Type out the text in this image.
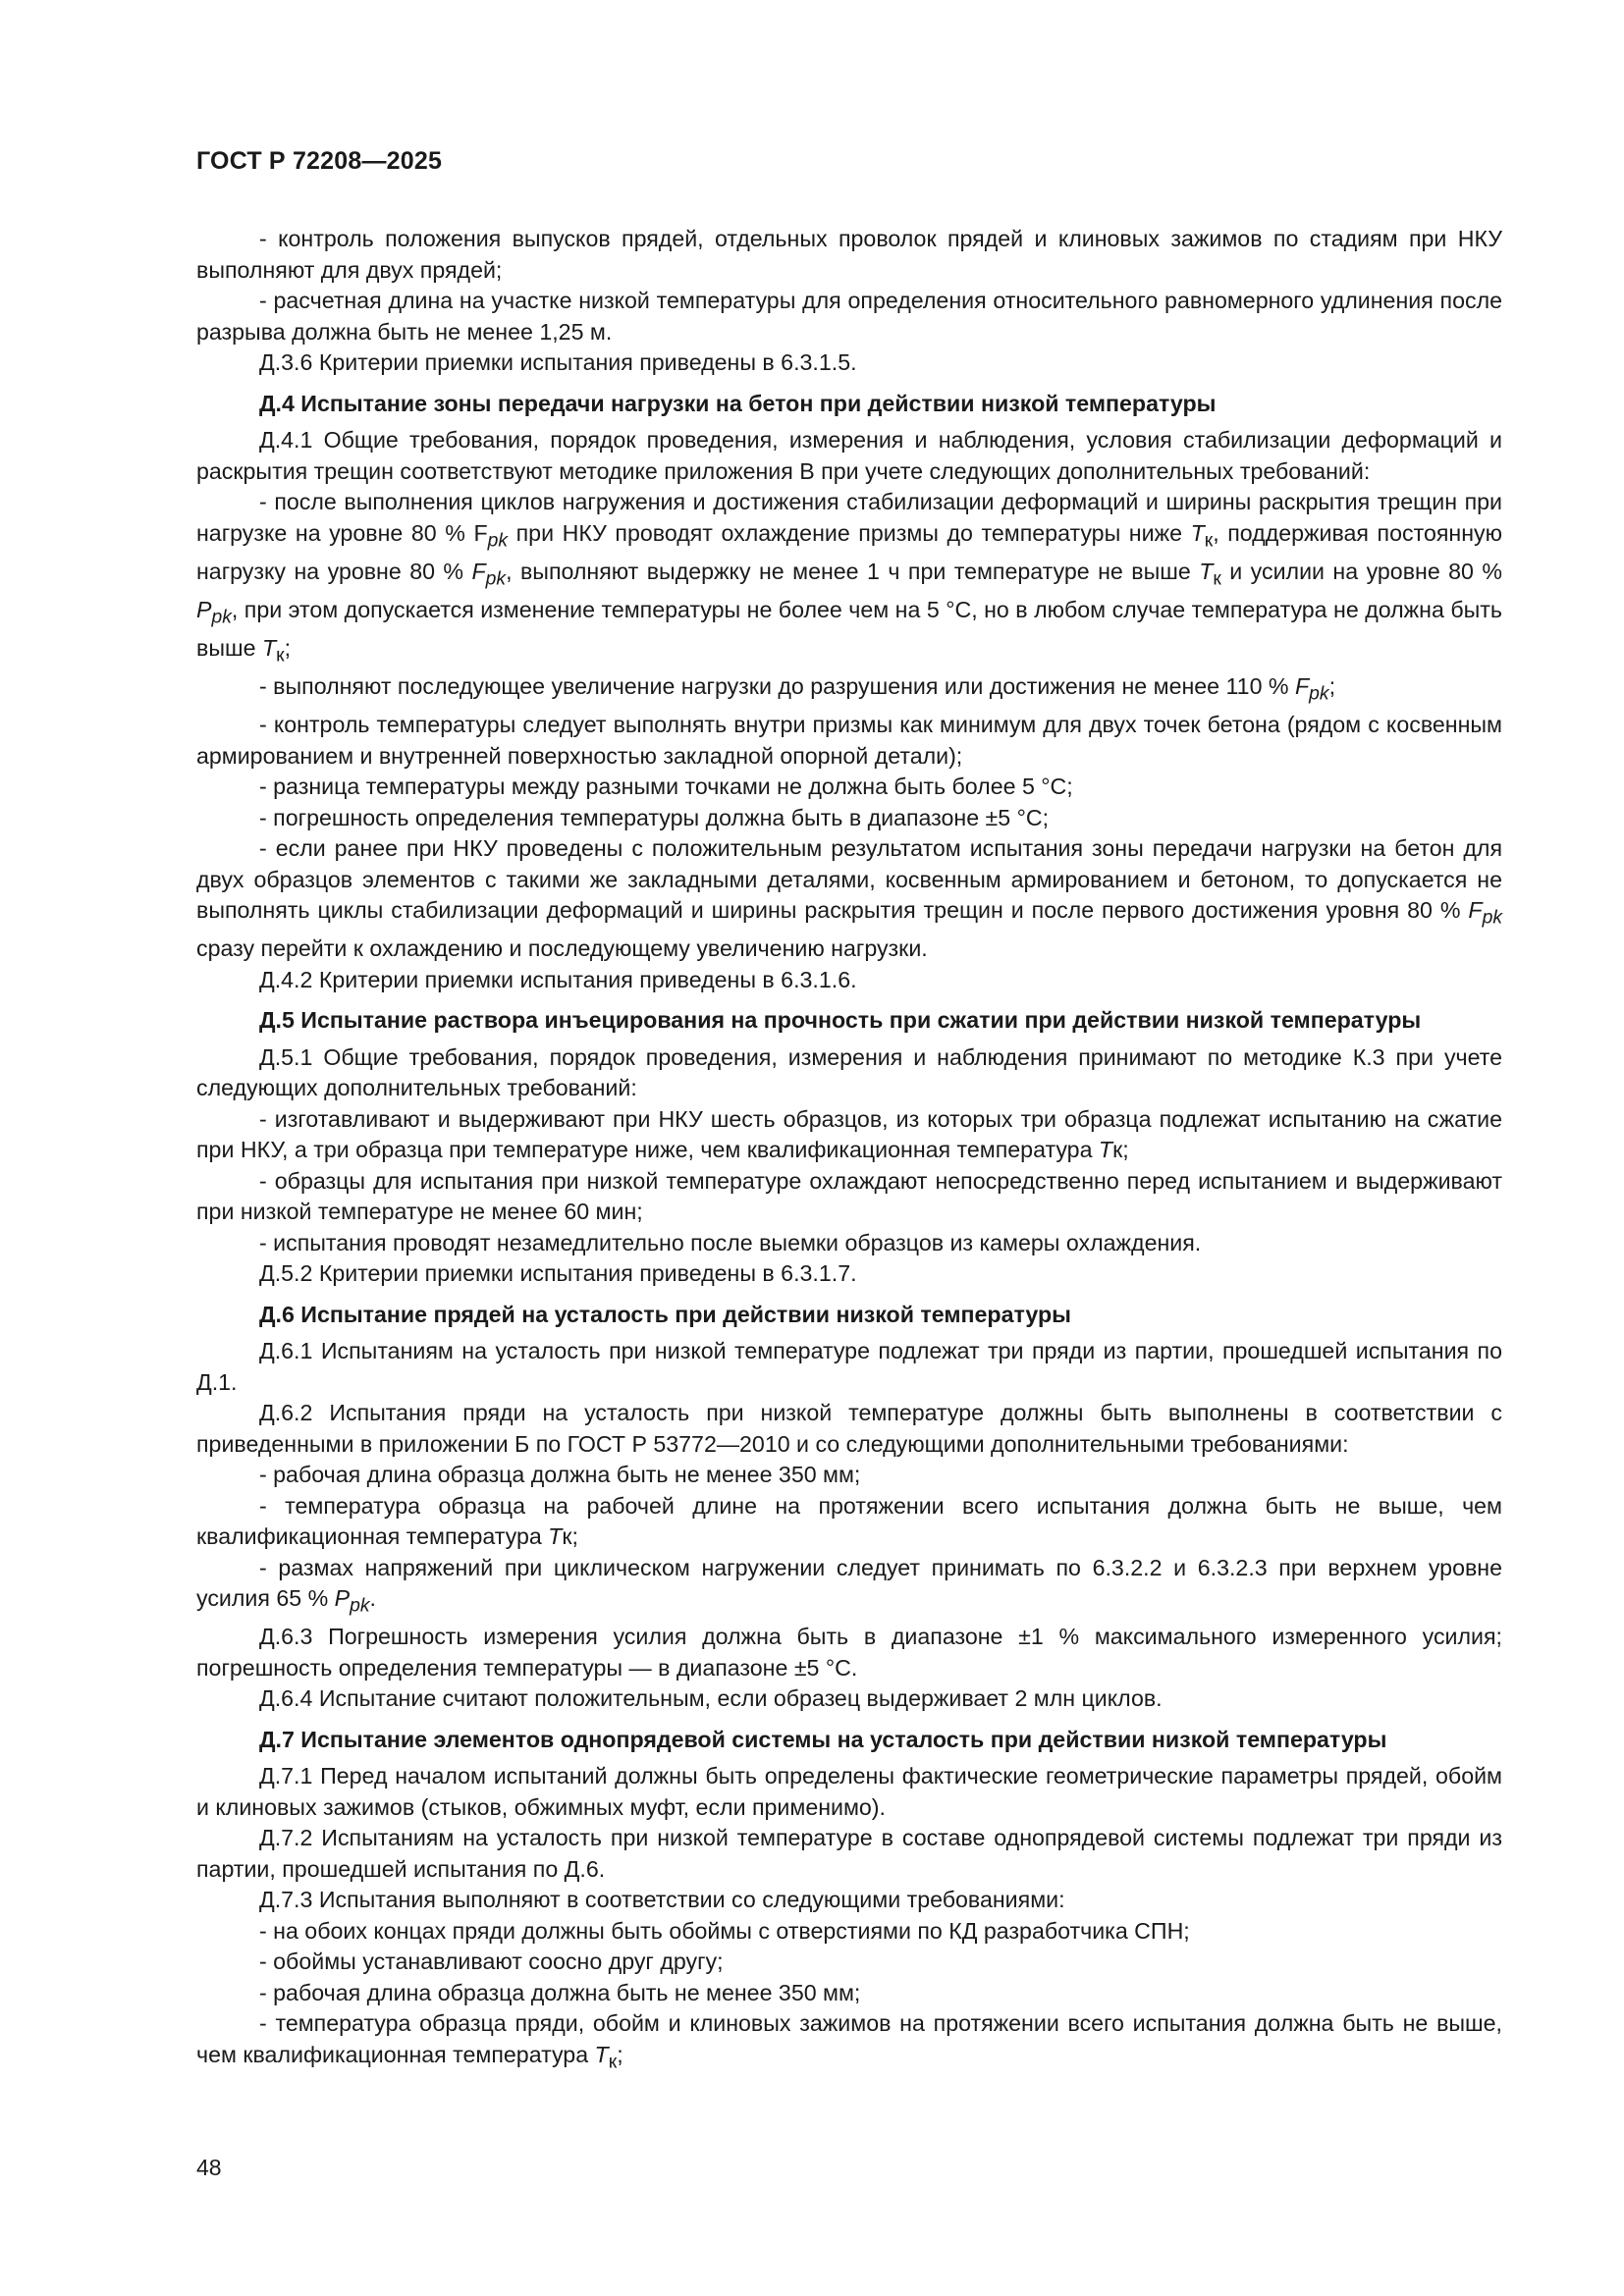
ГОСТ Р 72208—2025

- контроль положения выпусков прядей, отдельных проволок прядей и клиновых зажимов по стадиям при НКУ выполняют для двух прядей;

- расчетная длина на участке низкой температуры для определения относительного равномерного удлинения после разрыва должна быть не менее 1,25 м.

Д.3.6 Критерии приемки испытания приведены в 6.3.1.5.

Д.4 Испытание зоны передачи нагрузки на бетон при действии низкой температуры

Д.4.1 Общие требования, порядок проведения, измерения и наблюдения, условия стабилизации деформаций и раскрытия трещин соответствуют методике приложения В при учете следующих дополнительных требований:

- после выполнения циклов нагружения и достижения стабилизации деформаций и ширины раскрытия трещин при нагрузке на уровне 80 % $F_{pk}$ при НКУ проводят охлаждение призмы до температуры ниже $T_к$, поддерживая постоянную нагрузку на уровне 80 % $F_{pk}$, выполняют выдержку не менее 1 ч при температуре не выше $T_к$ и усилии на уровне 80 % $P_{pk}$, при этом допускается изменение температуры не более чем на 5 °С, но в любом случае температура не должна быть выше $T_к$;

- выполняют последующее увеличение нагрузки до разрушения или достижения не менее 110 % $F_{pk}$;

- контроль температуры следует выполнять внутри призмы как минимум для двух точек бетона (рядом с косвенным армированием и внутренней поверхностью закладной опорной детали);

- разница температуры между разными точками не должна быть более 5 °С;

- погрешность определения температуры должна быть в диапазоне ±5 °С;

- если ранее при НКУ проведены с положительным результатом испытания зоны передачи нагрузки на бетон для двух образцов элементов с такими же закладными деталями, косвенным армированием и бетоном, то допускается не выполнять циклы стабилизации деформаций и ширины раскрытия трещин и после первого достижения уровня 80 % $F_{pk}$ сразу перейти к охлаждению и последующему увеличению нагрузки.

Д.4.2 Критерии приемки испытания приведены в 6.3.1.6.

Д.5 Испытание раствора инъецирования на прочность при сжатии при действии низкой температуры

Д.5.1 Общие требования, порядок проведения, измерения и наблюдения принимают по методике К.3 при учете следующих дополнительных требований:

- изготавливают и выдерживают при НКУ шесть образцов, из которых три образца подлежат испытанию на сжатие при НКУ, а три образца при температуре ниже, чем квалификационная температура Tк;

- образцы для испытания при низкой температуре охлаждают непосредственно перед испытанием и выдерживают при низкой температуре не менее 60 мин;

- испытания проводят незамедлительно после выемки образцов из камеры охлаждения.

Д.5.2 Критерии приемки испытания приведены в 6.3.1.7.

Д.6 Испытание прядей на усталость при действии низкой температуры

Д.6.1 Испытаниям на усталость при низкой температуре подлежат три пряди из партии, прошедшей испытания по Д.1.

Д.6.2 Испытания пряди на усталость при низкой температуре должны быть выполнены в соответствии с приведенными в приложении Б по ГОСТ Р 53772—2010 и со следующими дополнительными требованиями:

- рабочая длина образца должна быть не менее 350 мм;

- температура образца на рабочей длине на протяжении всего испытания должна быть не выше, чем квалификационная температура Tк;

- размах напряжений при циклическом нагружении следует принимать по 6.3.2.2 и 6.3.2.3 при верхнем уровне усилия 65 % $P_{pk}$.

Д.6.3 Погрешность измерения усилия должна быть в диапазоне ±1 % максимального измеренного усилия; погрешность определения температуры — в диапазоне ±5 °С.

Д.6.4 Испытание считают положительным, если образец выдерживает 2 млн циклов.

Д.7 Испытание элементов однопрядевой системы на усталость при действии низкой температуры

Д.7.1 Перед началом испытаний должны быть определены фактические геометрические параметры прядей, обойм и клиновых зажимов (стыков, обжимных муфт, если применимо).

Д.7.2 Испытаниям на усталость при низкой температуре в составе однопрядевой системы подлежат три пряди из партии, прошедшей испытания по Д.6.

Д.7.3 Испытания выполняют в соответствии со следующими требованиями:

- на обоих концах пряди должны быть обоймы с отверстиями по КД разработчика СПН;

- обоймы устанавливают соосно друг другу;

- рабочая длина образца должна быть не менее 350 мм;

- температура образца пряди, обойм и клиновых зажимов на протяжении всего испытания должна быть не выше, чем квалификационная температура $T_к$;

48
